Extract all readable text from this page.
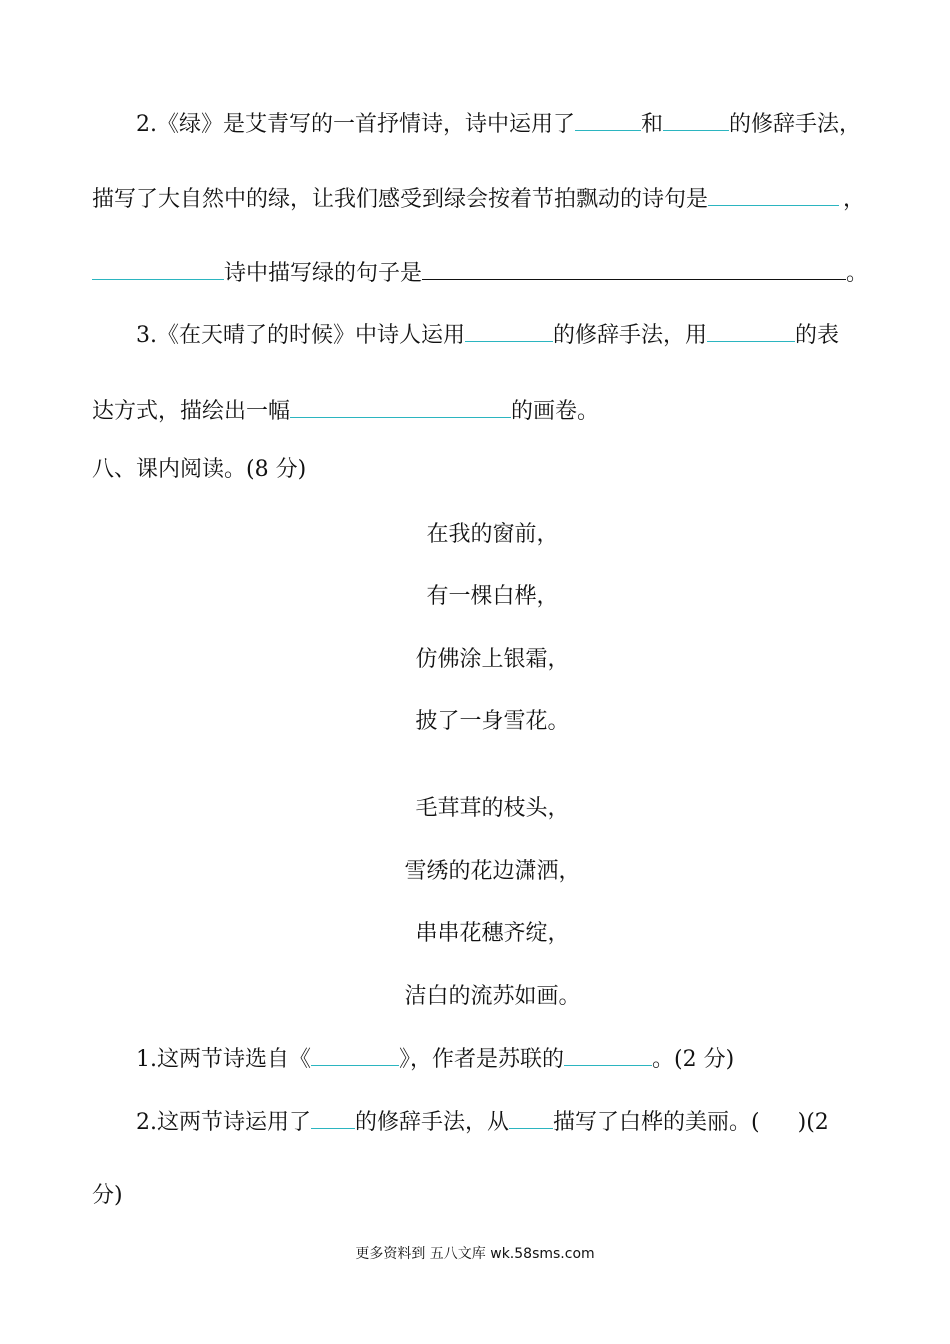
2.《绿》是艾青写的一首抒情诗，诗中运用了	和	的修辞手法，
描写了大自然中的绿，让我们感受到绿会按着节拍飘动的诗句是	，
诗中描写绿的句子是	。
3.《在天晴了的时候》中诗人运用	的修辞手法，用	的表
达方式，描绘出一幅	的画卷。
八、课内阅读。(8 分)
在我的窗前，
有一棵白桦，
仿佛涂上银霜，
披了一身雪花。
毛茸茸的枝头，
雪绣的花边潇洒，
串串花穗齐绽，
洁白的流苏如画。
1.这两节诗选自《	》，作者是苏联的	。(2 分)
2.这两节诗运用了 的修辞手法，从 描写了白桦的美丽。( )(2
分)
更多资料到 五八文库 wk.58sms.com
